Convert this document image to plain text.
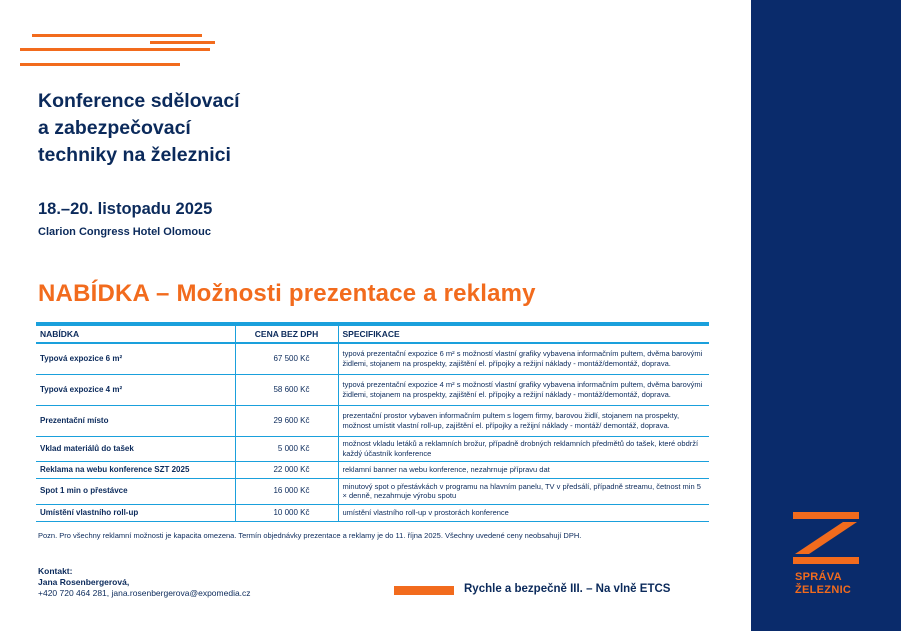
Konference sdělovací
a zabezpečovací
techniky na železnici
18.–20. listopadu 2025
Clarion Congress Hotel Olomouc
NABÍDKA – Možnosti prezentace a reklamy
NABÍDKA	CENA BEZ DPH	SPECIFIKACE
Typová expozice 6 m²	67 500 Kč	typová prezentační expozice 6 m² s možností vlastní grafiky vybavena informačním pultem, dvěma barovými židlemi, stojanem na prospekty, zajištění el. přípojky a režijní náklady - montáž/demontáž, doprava.
Typová expozice 4 m²	58 600 Kč	typová prezentační expozice 4 m² s možností vlastní grafiky vybavena informačním pultem, dvěma barovými židlemi, stojanem na prospekty, zajištění el. přípojky a režijní náklady - montáž/demontáž, doprava.
Prezentační místo	29 600 Kč	prezentační prostor vybaven informačním pultem s logem firmy, barovou židlí, stojanem na prospekty, možnost umístit vlastní roll-up, zajištění el. přípojky a režijní náklady - montáž/ demontáž, doprava.
Vklad materiálů do tašek	5 000 Kč	možnost vkladu letáků a reklamních brožur, případně drobných reklamních předmětů do tašek, které obdrží každý účastník konference
Reklama na webu konference SZT 2025	22 000 Kč	reklamní banner na webu konference, nezahrnuje přípravu dat
Spot 1 min o přestávce	16 000 Kč	minutový spot o přestávkách v programu na hlavním panelu, TV v předsálí, případně streamu, četnost min 5 × denně, nezahrnuje výrobu spotu
Umístění vlastního roll-up	10 000 Kč	umístění vlastního roll-up v prostorách konference
Pozn. Pro všechny reklamní možnosti je kapacita omezena. Termín objednávky prezentace a reklamy je do 11. října 2025. Všechny uvedené ceny neobsahují DPH.
Kontakt:
Jana Rosenbergerová,
+420 720 464 281, jana.rosenbergerova@expomedia.cz	Rychle a bezpečně III. – Na vlně ETCS
SPRÁVA
ŽELEZNIC
